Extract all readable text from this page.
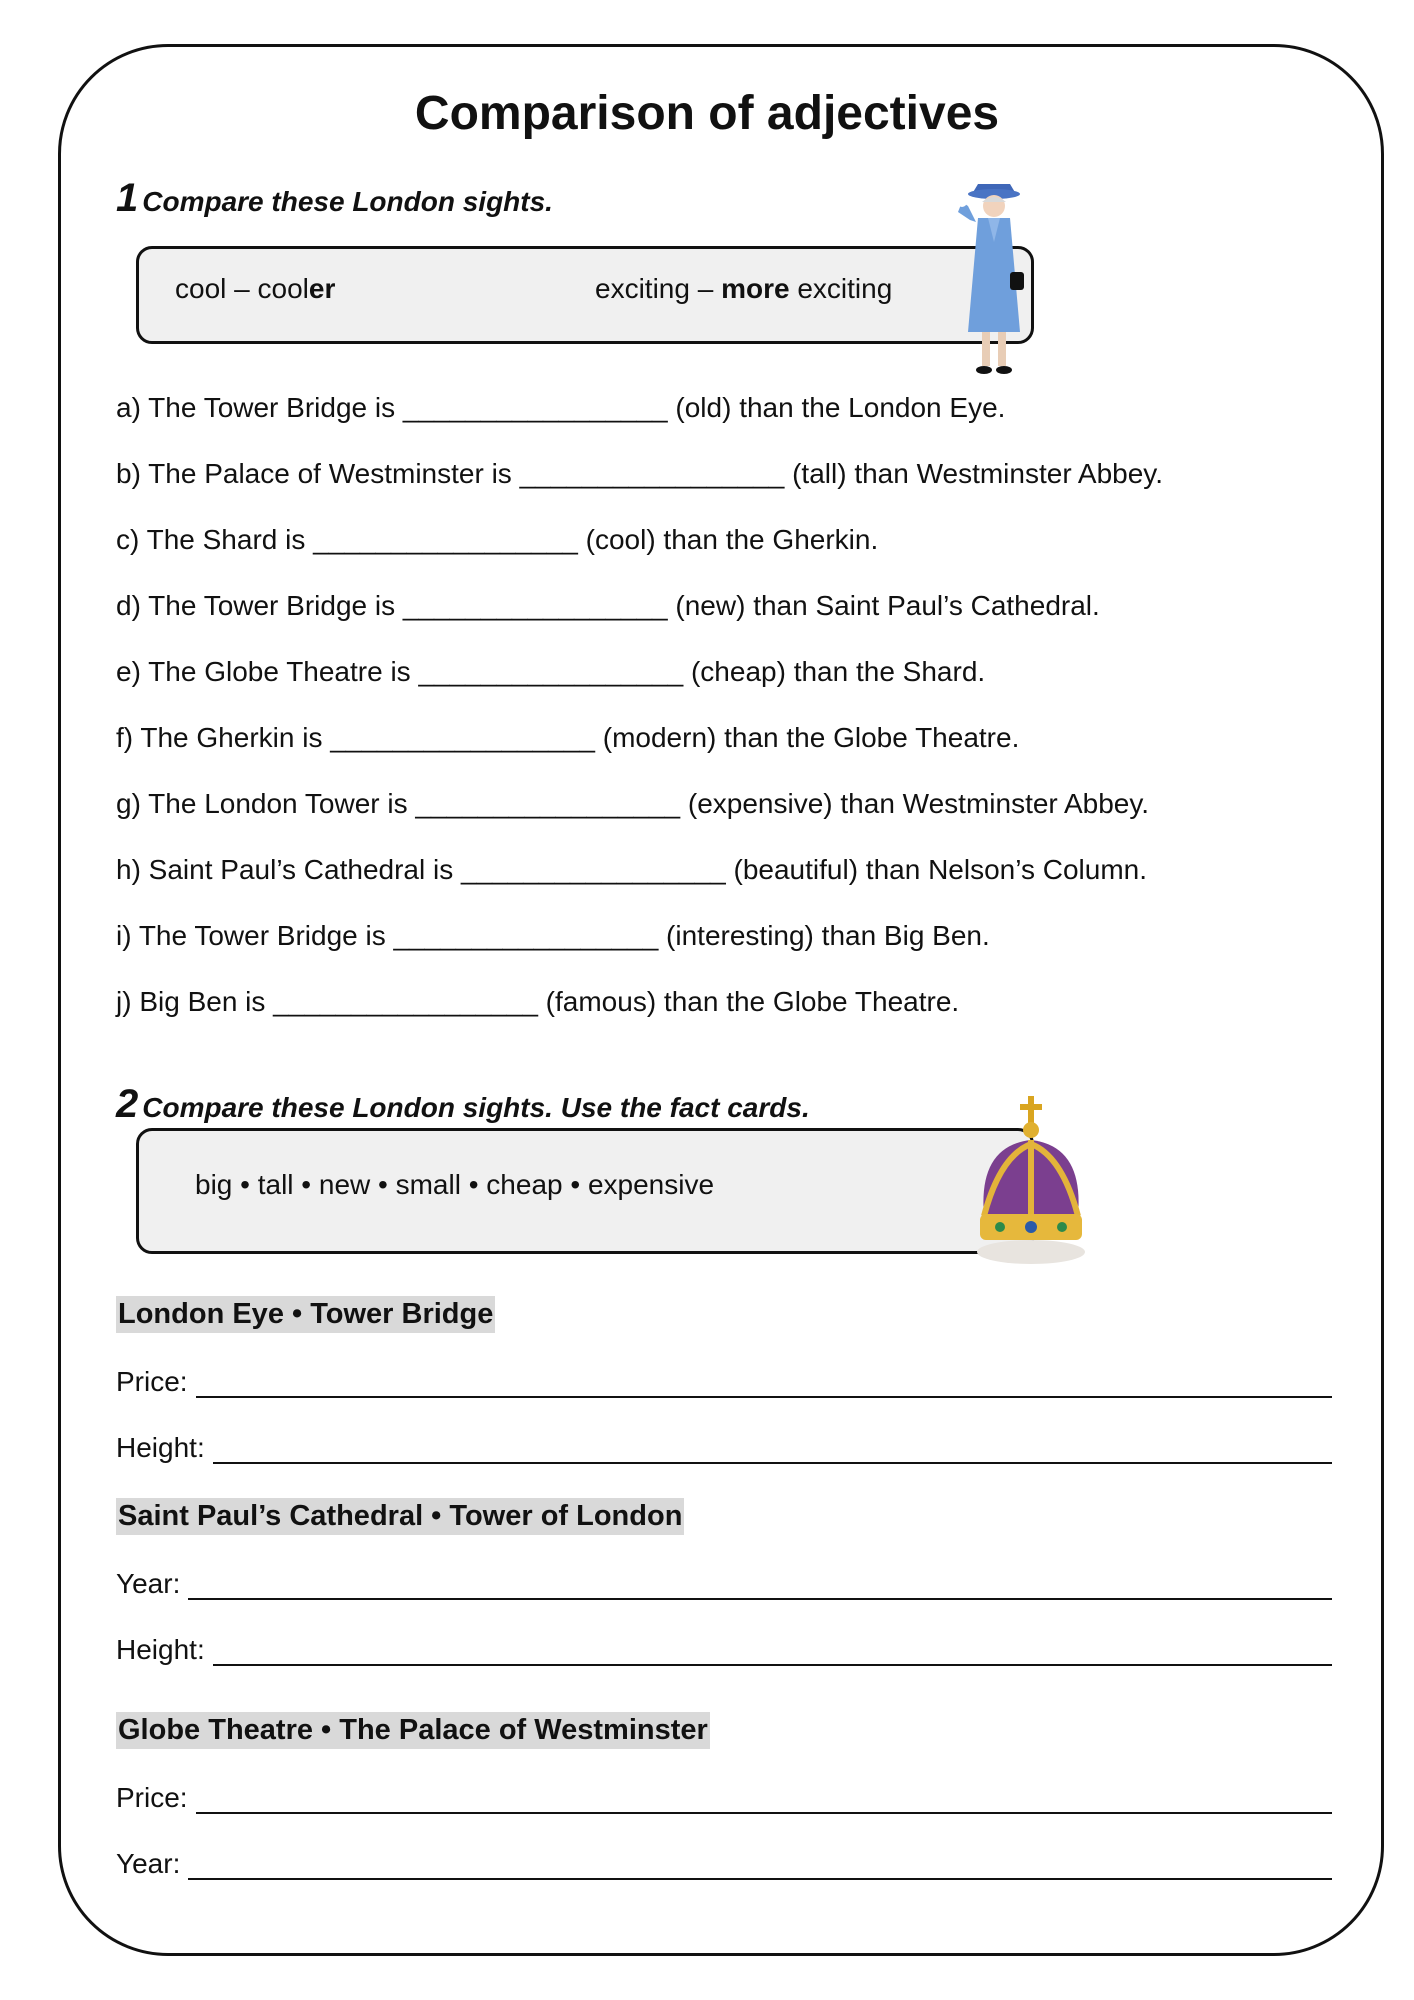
Comparison of adjectives
1 Compare these London sights.
cool – cooler	exciting – more exciting
a) The Tower Bridge is _________________ (old) than the London Eye.
b) The Palace of Westminster is _________________ (tall) than Westminster Abbey.
c) The Shard is _________________ (cool) than the Gherkin.
d) The Tower Bridge is _________________ (new) than Saint Paul’s Cathedral.
e) The Globe Theatre is _________________ (cheap) than the Shard.
f) The Gherkin is _________________ (modern) than the Globe Theatre.
g) The London Tower is _________________ (expensive) than Westminster Abbey.
h) Saint Paul’s Cathedral is _________________ (beautiful) than Nelson’s Column.
i) The Tower Bridge is _________________ (interesting) than Big Ben.
j) Big Ben is _________________ (famous) than the Globe Theatre.
2 Compare these London sights. Use the fact cards.
big • tall • new • small • cheap • expensive
London Eye • Tower Bridge
Price:
Height:
Saint Paul’s Cathedral • Tower of London
Year:
Height:
Globe Theatre • The Palace of Westminster
Price:
Year:
